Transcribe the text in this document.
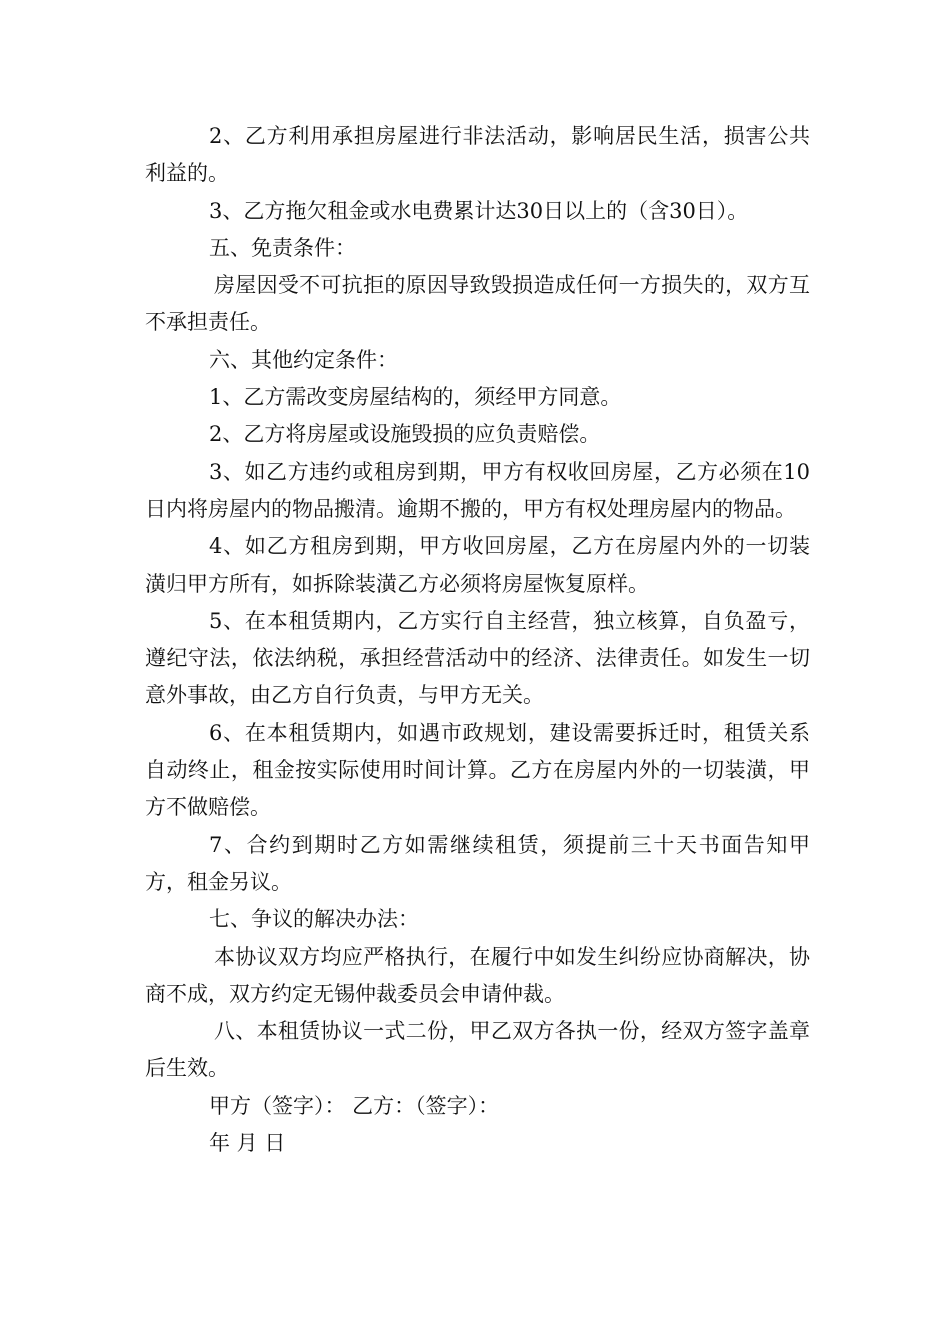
2、乙方利用承担房屋进行非法活动，影响居民生活，损害公共利益的。

3、乙方拖欠租金或水电费累计达30日以上的（含30日）。

五、免责条件：

房屋因受不可抗拒的原因导致毁损造成任何一方损失的，双方互不承担责任。

六、其他约定条件：

1、乙方需改变房屋结构的，须经甲方同意。

2、乙方将房屋或设施毁损的应负责赔偿。

3、如乙方违约或租房到期，甲方有权收回房屋，乙方必须在10日内将房屋内的物品搬清。逾期不搬的，甲方有权处理房屋内的物品。

4、如乙方租房到期，甲方收回房屋，乙方在房屋内外的一切装潢归甲方所有，如拆除装潢乙方必须将房屋恢复原样。

5、在本租赁期内，乙方实行自主经营，独立核算，自负盈亏，遵纪守法，依法纳税，承担经营活动中的经济、法律责任。如发生一切意外事故，由乙方自行负责，与甲方无关。

6、在本租赁期内，如遇市政规划，建设需要拆迁时，租赁关系自动终止，租金按实际使用时间计算。乙方在房屋内外的一切装潢，甲方不做赔偿。

7、合约到期时乙方如需继续租赁，须提前三十天书面告知甲方，租金另议。

七、争议的解决办法：

本协议双方均应严格执行，在履行中如发生纠纷应协商解决，协商不成，双方约定无锡仲裁委员会申请仲裁。

八、本租赁协议一式二份，甲乙双方各执一份，经双方签字盖章后生效。

甲方（签字）： 乙方：（签字）：

年 月 日
